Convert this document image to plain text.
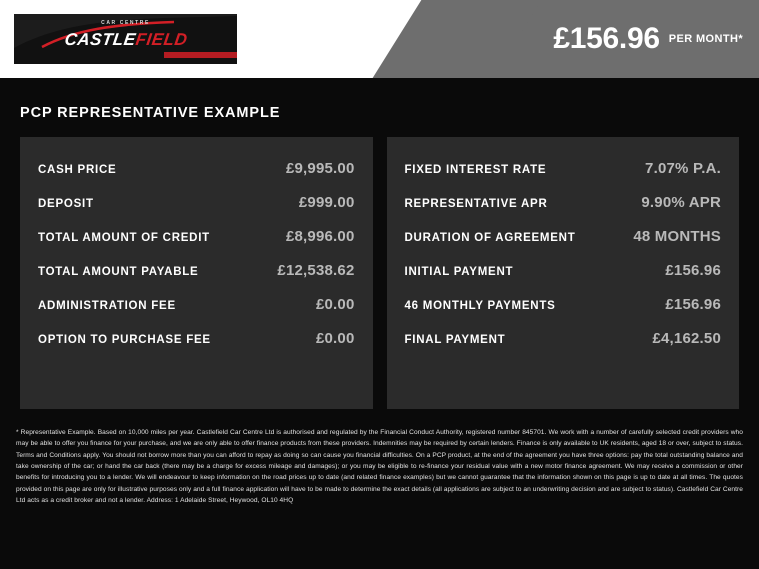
CAR CENTRE
CASTLEFIELD	£156.96 PER MONTH*
PCP REPRESENTATIVE EXAMPLE
CASH PRICE	£9,995.00
DEPOSIT	£999.00
TOTAL AMOUNT OF CREDIT	£8,996.00
TOTAL AMOUNT PAYABLE	£12,538.62
ADMINISTRATION FEE	£0.00
OPTION TO PURCHASE FEE	£0.00
FIXED INTEREST RATE	7.07% P.A.
REPRESENTATIVE APR	9.90% APR
DURATION OF AGREEMENT	48 MONTHS
INITIAL PAYMENT	£156.96
46 MONTHLY PAYMENTS	£156.96
FINAL PAYMENT	£4,162.50
* Representative Example. Based on 10,000 miles per year. Castlefield Car Centre Ltd is authorised and regulated by the Financial Conduct Authority, registered number 845701. We work with a number of carefully selected credit providers who may be able to offer you finance for your purchase, and we are only able to offer finance products from these providers. Indemnities may be required by certain lenders. Finance is only available to UK residents, aged 18 or over, subject to status. Terms and Conditions apply. You should not borrow more than you can afford to repay as doing so can cause you financial difficulties. On a PCP product, at the end of the agreement you have three options: pay the total outstanding balance and take ownership of the car; or hand the car back (there may be a charge for excess mileage and damages); or you may be eligible to re-finance your residual value with a new motor finance agreement. We may receive a commission or other benefits for introducing you to a lender. We will endeavour to keep information on the road prices up to date (and related finance examples) but we cannot guarantee that the information shown on this page is up to date at all times. The quotes provided on this page are only for illustrative purposes only and a full finance application will have to be made to determine the exact details (all applications are subject to an underwriting decision and are subject to status). Castlefield Car Centre Ltd acts as a credit broker and not a lender. Address: 1 Adelaide Street, Heywood, OL10 4HQ
